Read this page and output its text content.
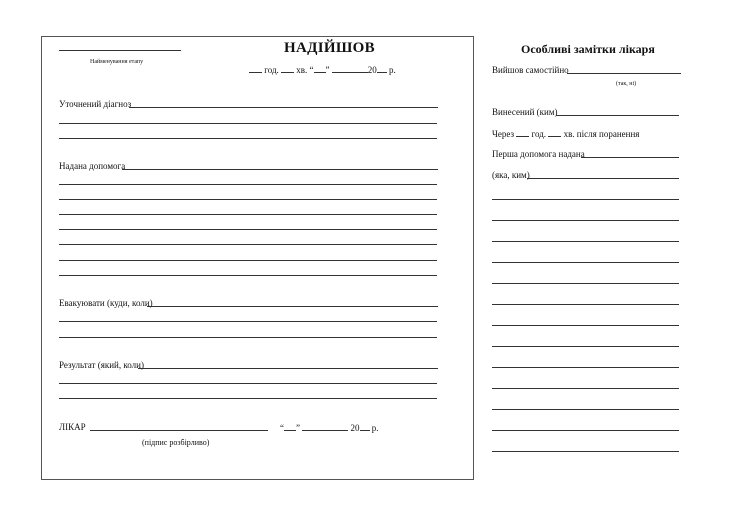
Найменування етапу
НАДІЙШОВ
год. хв. “ ”	20 р.
Уточнений діагноз
Надана допомога
Евакуювати (куди, коли)
Результат (який, коли)
ЛІКАР	“ ”	20 р.
(підпис розбірливо)
Особливі замітки лікаря
Вийшов самостійно
(так, ні)
Винесений (ким)
Через год. хв. після поранення
Перша допомога надана
(яка, ким)
